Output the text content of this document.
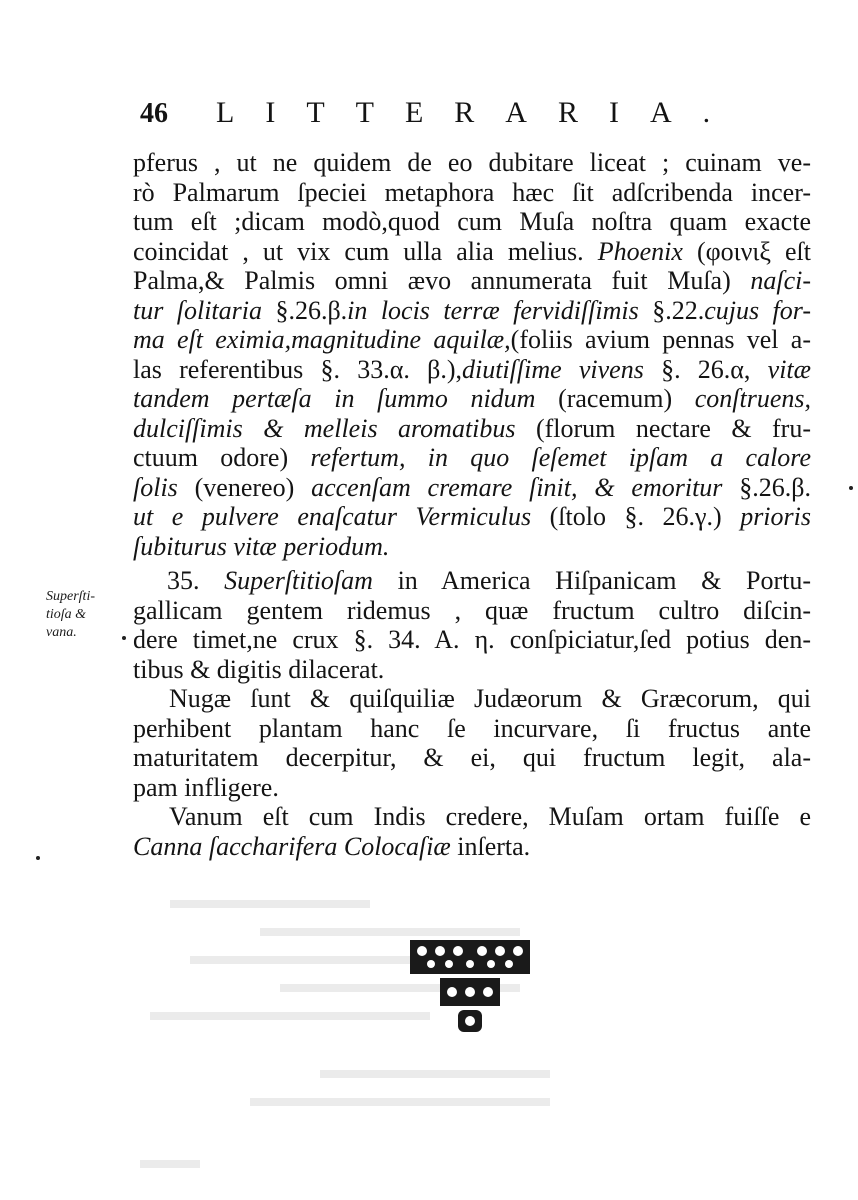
46 LITTERARIA.
Superſti-
tioſa &
vana.
pferus , ut ne quidem de eo dubitare liceat ; cuinam ve-
rò Palmarum ſpeciei metaphora hæc ſit adſcribenda incer-
tum eſt ;dicam modò,quod cum Muſa noſtra quam exacte
coincidat , ut vix cum ulla alia melius. Phoenix (φοινιξ eſt
Palma,& Palmis omni ævo annumerata fuit Muſa) naſci-
tur ſolitaria §.26.β.in locis terræ fervidiſſimis §.22.cujus for-
ma eſt eximia,magnitudine aquilæ,(foliis avium pennas vel a-
las referentibus §. 33.α. β.),diutiſſime vivens §. 26.α, vitæ
tandem pertæſa in ſummo nidum (racemum) conſtruens,
dulciſſimis & melleis aromatibus (florum nectare & fru-
ctuum odore) refertum, in quo ſeſemet ipſam a calore
ſolis (venereo) accenſam cremare ſinit, & emoritur §.26.β.
ut e pulvere enaſcatur Vermiculus (ſtolo §. 26.γ.) prioris
ſubiturus vitæ periodum.
35. Superſtitioſam in America Hiſpanicam & Portu-
gallicam gentem ridemus , quæ fructum cultro diſcin-
dere timet,ne crux §. 34. A. η. conſpiciatur,ſed potius den-
tibus & digitis dilacerat.
Nugæ ſunt & quiſquiliæ Judæorum & Græcorum, qui
perhibent plantam hanc ſe incurvare, ſi fructus ante
maturitatem decerpitur, & ei, qui fructum legit, ala-
pam infligere.
Vanum eſt cum Indis credere, Muſam ortam fuiſſe e
Canna ſaccharifera Colocaſiæ inſerta.
